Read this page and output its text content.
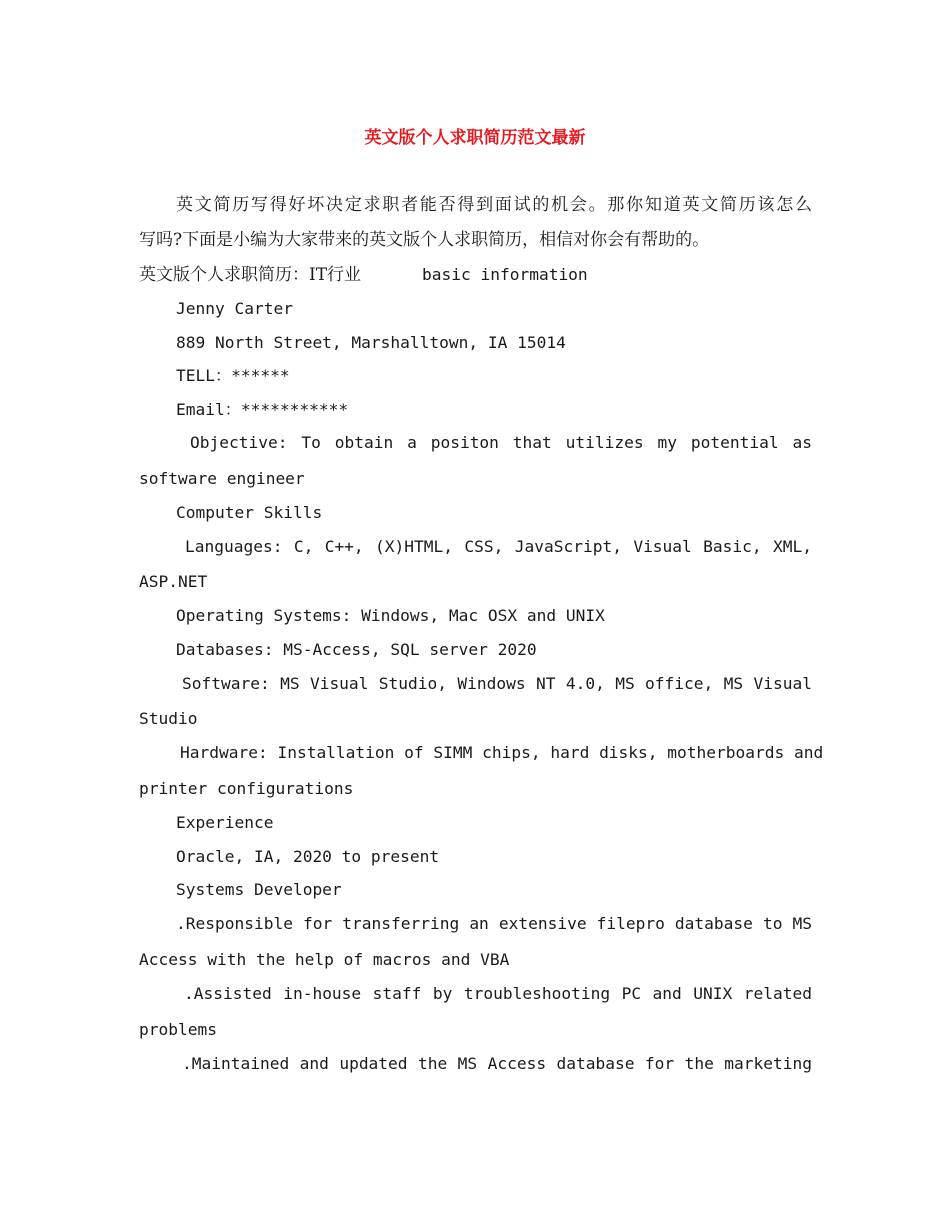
英文版个人求职简历范文最新
英文简历写得好坏决定求职者能否得到面试的机会。那你知道英文简历该怎么
写吗?下面是小编为大家带来的英文版个人求职简历，相信对你会有帮助的。
英文版个人求职简历：IT行业	basic information
Jenny Carter
889 North Street, Marshalltown, IA 15014
TELL：******
Email：***********
Objective: To obtain a positon that utilizes my potential as
software engineer
Computer Skills
Languages: C, C++, (X)HTML, CSS, JavaScript, Visual Basic, XML,
ASP.NET
Operating Systems: Windows, Mac OSX and UNIX
Databases: MS-Access, SQL server 2020
Software: MS Visual Studio, Windows NT 4.0, MS office, MS Visual
Studio
Hardware: Installation of SIMM chips, hard disks, motherboards and
printer configurations
Experience
Oracle, IA, 2020 to present
Systems Developer
.Responsible for transferring an extensive filepro database to MS
Access with the help of macros and VBA
.Assisted in-house staff by troubleshooting PC and UNIX related
problems
.Maintained and updated the MS Access database for the marketing
